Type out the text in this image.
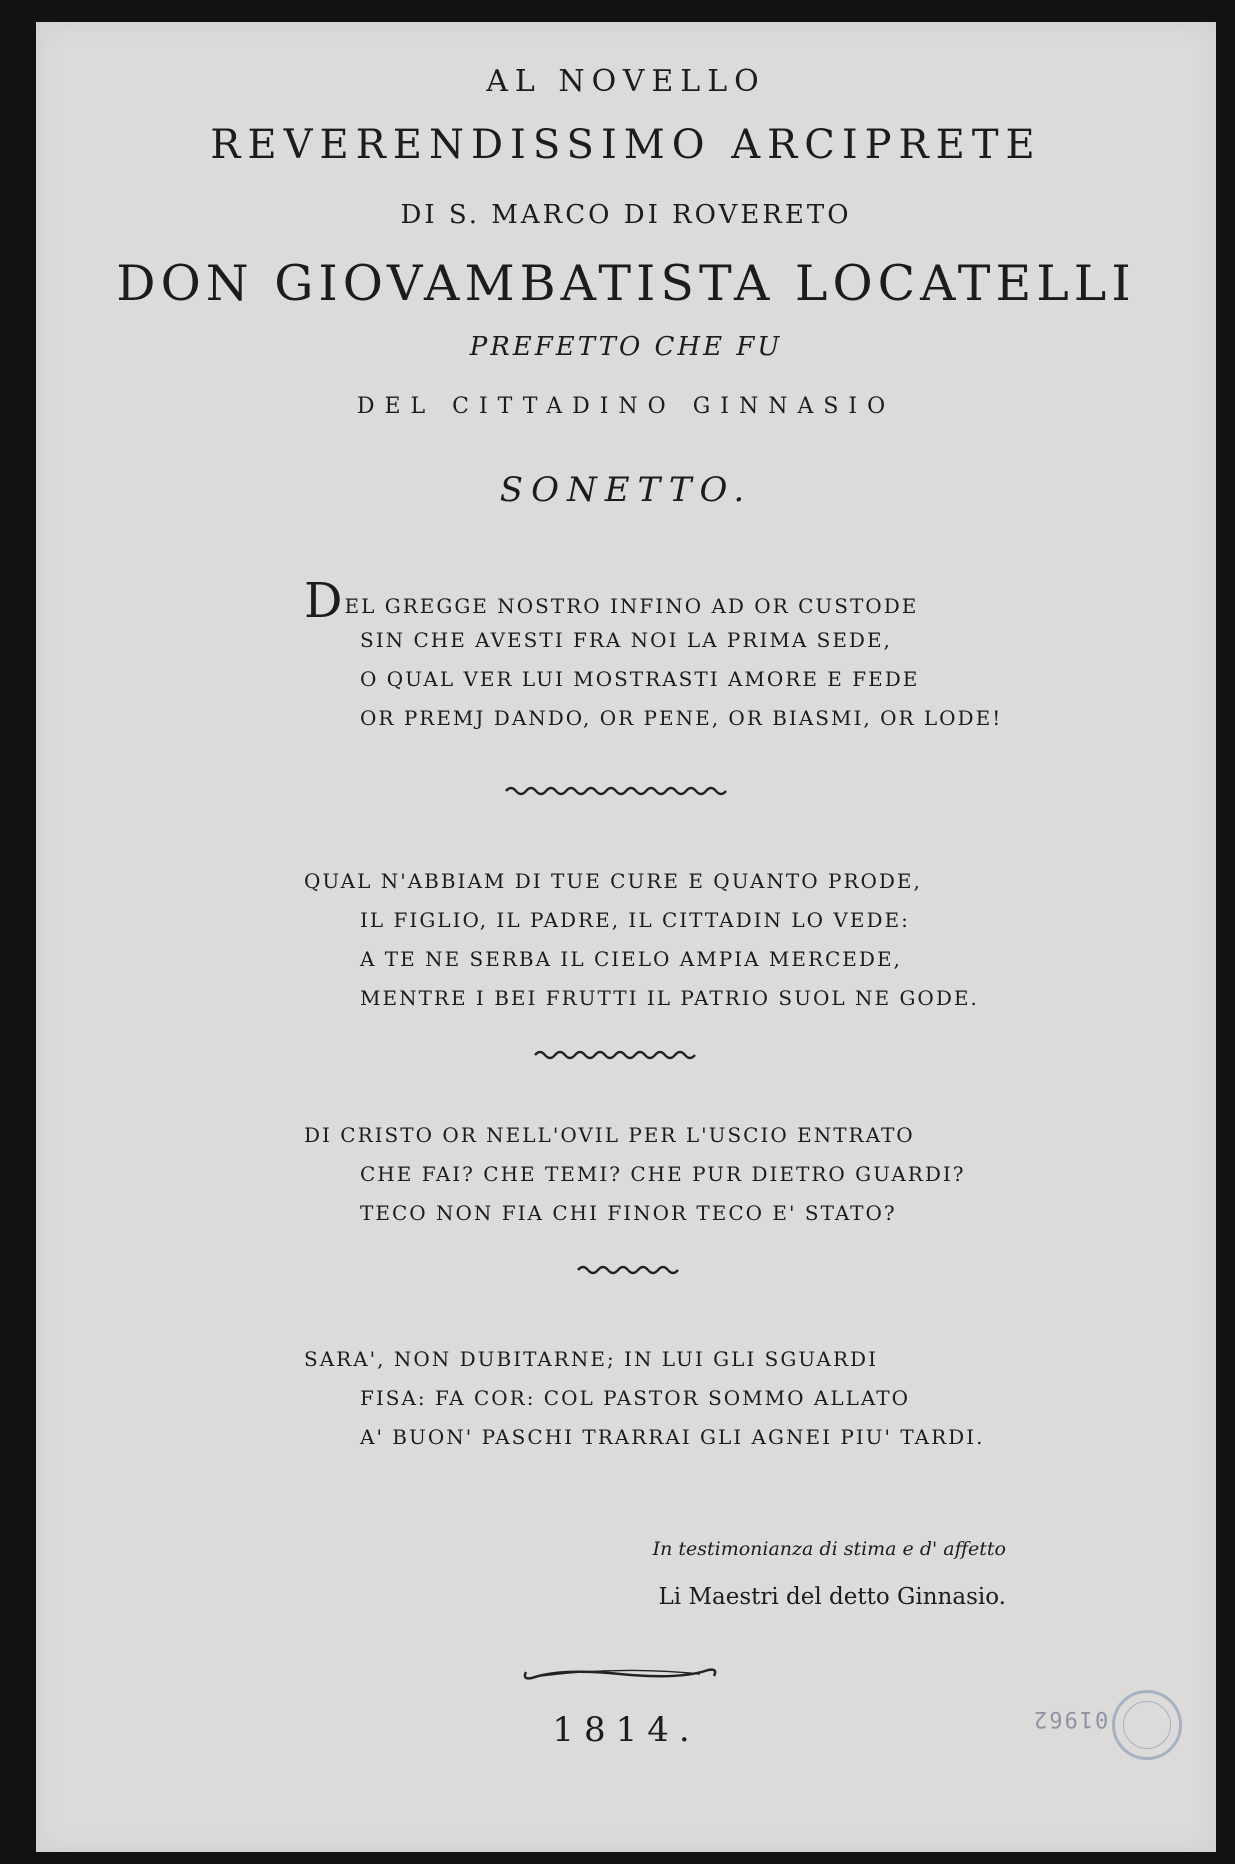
AL NOVELLO
REVERENDISSIMO ARCIPRETE
DI S. MARCO DI ROVERETO
DON GIOVAMBATISTA LOCATELLI
PREFETTO CHE FU
DEL CITTADINO GINNASIO
SONETTO.
DEL GREGGE NOSTRO INFINO AD OR CUSTODE
SIN CHE AVESTI FRA NOI LA PRIMA SEDE,
O QUAL VER LUI MOSTRASTI AMORE E FEDE
OR PREMJ DANDO, OR PENE, OR BIASMI, OR LODE!
QUAL N'ABBIAM DI TUE CURE E QUANTO PRODE,
IL FIGLIO, IL PADRE, IL CITTADIN LO VEDE:
A TE NE SERBA IL CIELO AMPIA MERCEDE,
MENTRE I BEI FRUTTI IL PATRIO SUOL NE GODE.
DI CRISTO OR NELL'OVIL PER L'USCIO ENTRATO
CHE FAI? CHE TEMI? CHE PUR DIETRO GUARDI?
TECO NON FIA CHI FINOR TECO E' STATO?
SARA', NON DUBITARNE; IN LUI GLI SGUARDI
FISA: FA COR: COL PASTOR SOMMO ALLATO
A' BUON' PASCHI TRARRAI GLI AGNEI PIU' TARDI.
In testimonianza di stima e d' affetto
Li Maestri del detto Ginnasio.
1814.	01962
